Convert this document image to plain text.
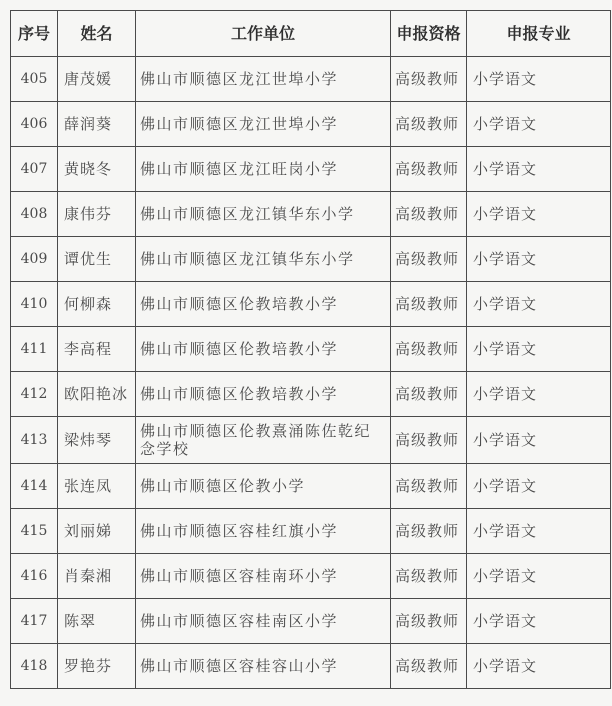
序号	姓名	工作单位	申报资格	申报专业
405	唐茂媛	佛山市顺德区龙江世埠小学	高级教师	小学语文
406	薛润葵	佛山市顺德区龙江世埠小学	高级教师	小学语文
407	黄晓冬	佛山市顺德区龙江旺岗小学	高级教师	小学语文
408	康伟芬	佛山市顺德区龙江镇华东小学	高级教师	小学语文
409	谭优生	佛山市顺德区龙江镇华东小学	高级教师	小学语文
410	何柳森	佛山市顺德区伦教培教小学	高级教师	小学语文
411	李高程	佛山市顺德区伦教培教小学	高级教师	小学语文
412	欧阳艳冰	佛山市顺德区伦教培教小学	高级教师	小学语文
413	梁炜琴	佛山市顺德区伦教熹涌陈佐乾纪念学校	高级教师	小学语文
414	张连凤	佛山市顺德区伦教小学	高级教师	小学语文
415	刘丽娣	佛山市顺德区容桂红旗小学	高级教师	小学语文
416	肖秦湘	佛山市顺德区容桂南环小学	高级教师	小学语文
417	陈翠	佛山市顺德区容桂南区小学	高级教师	小学语文
418	罗艳芬	佛山市顺德区容桂容山小学	高级教师	小学语文
